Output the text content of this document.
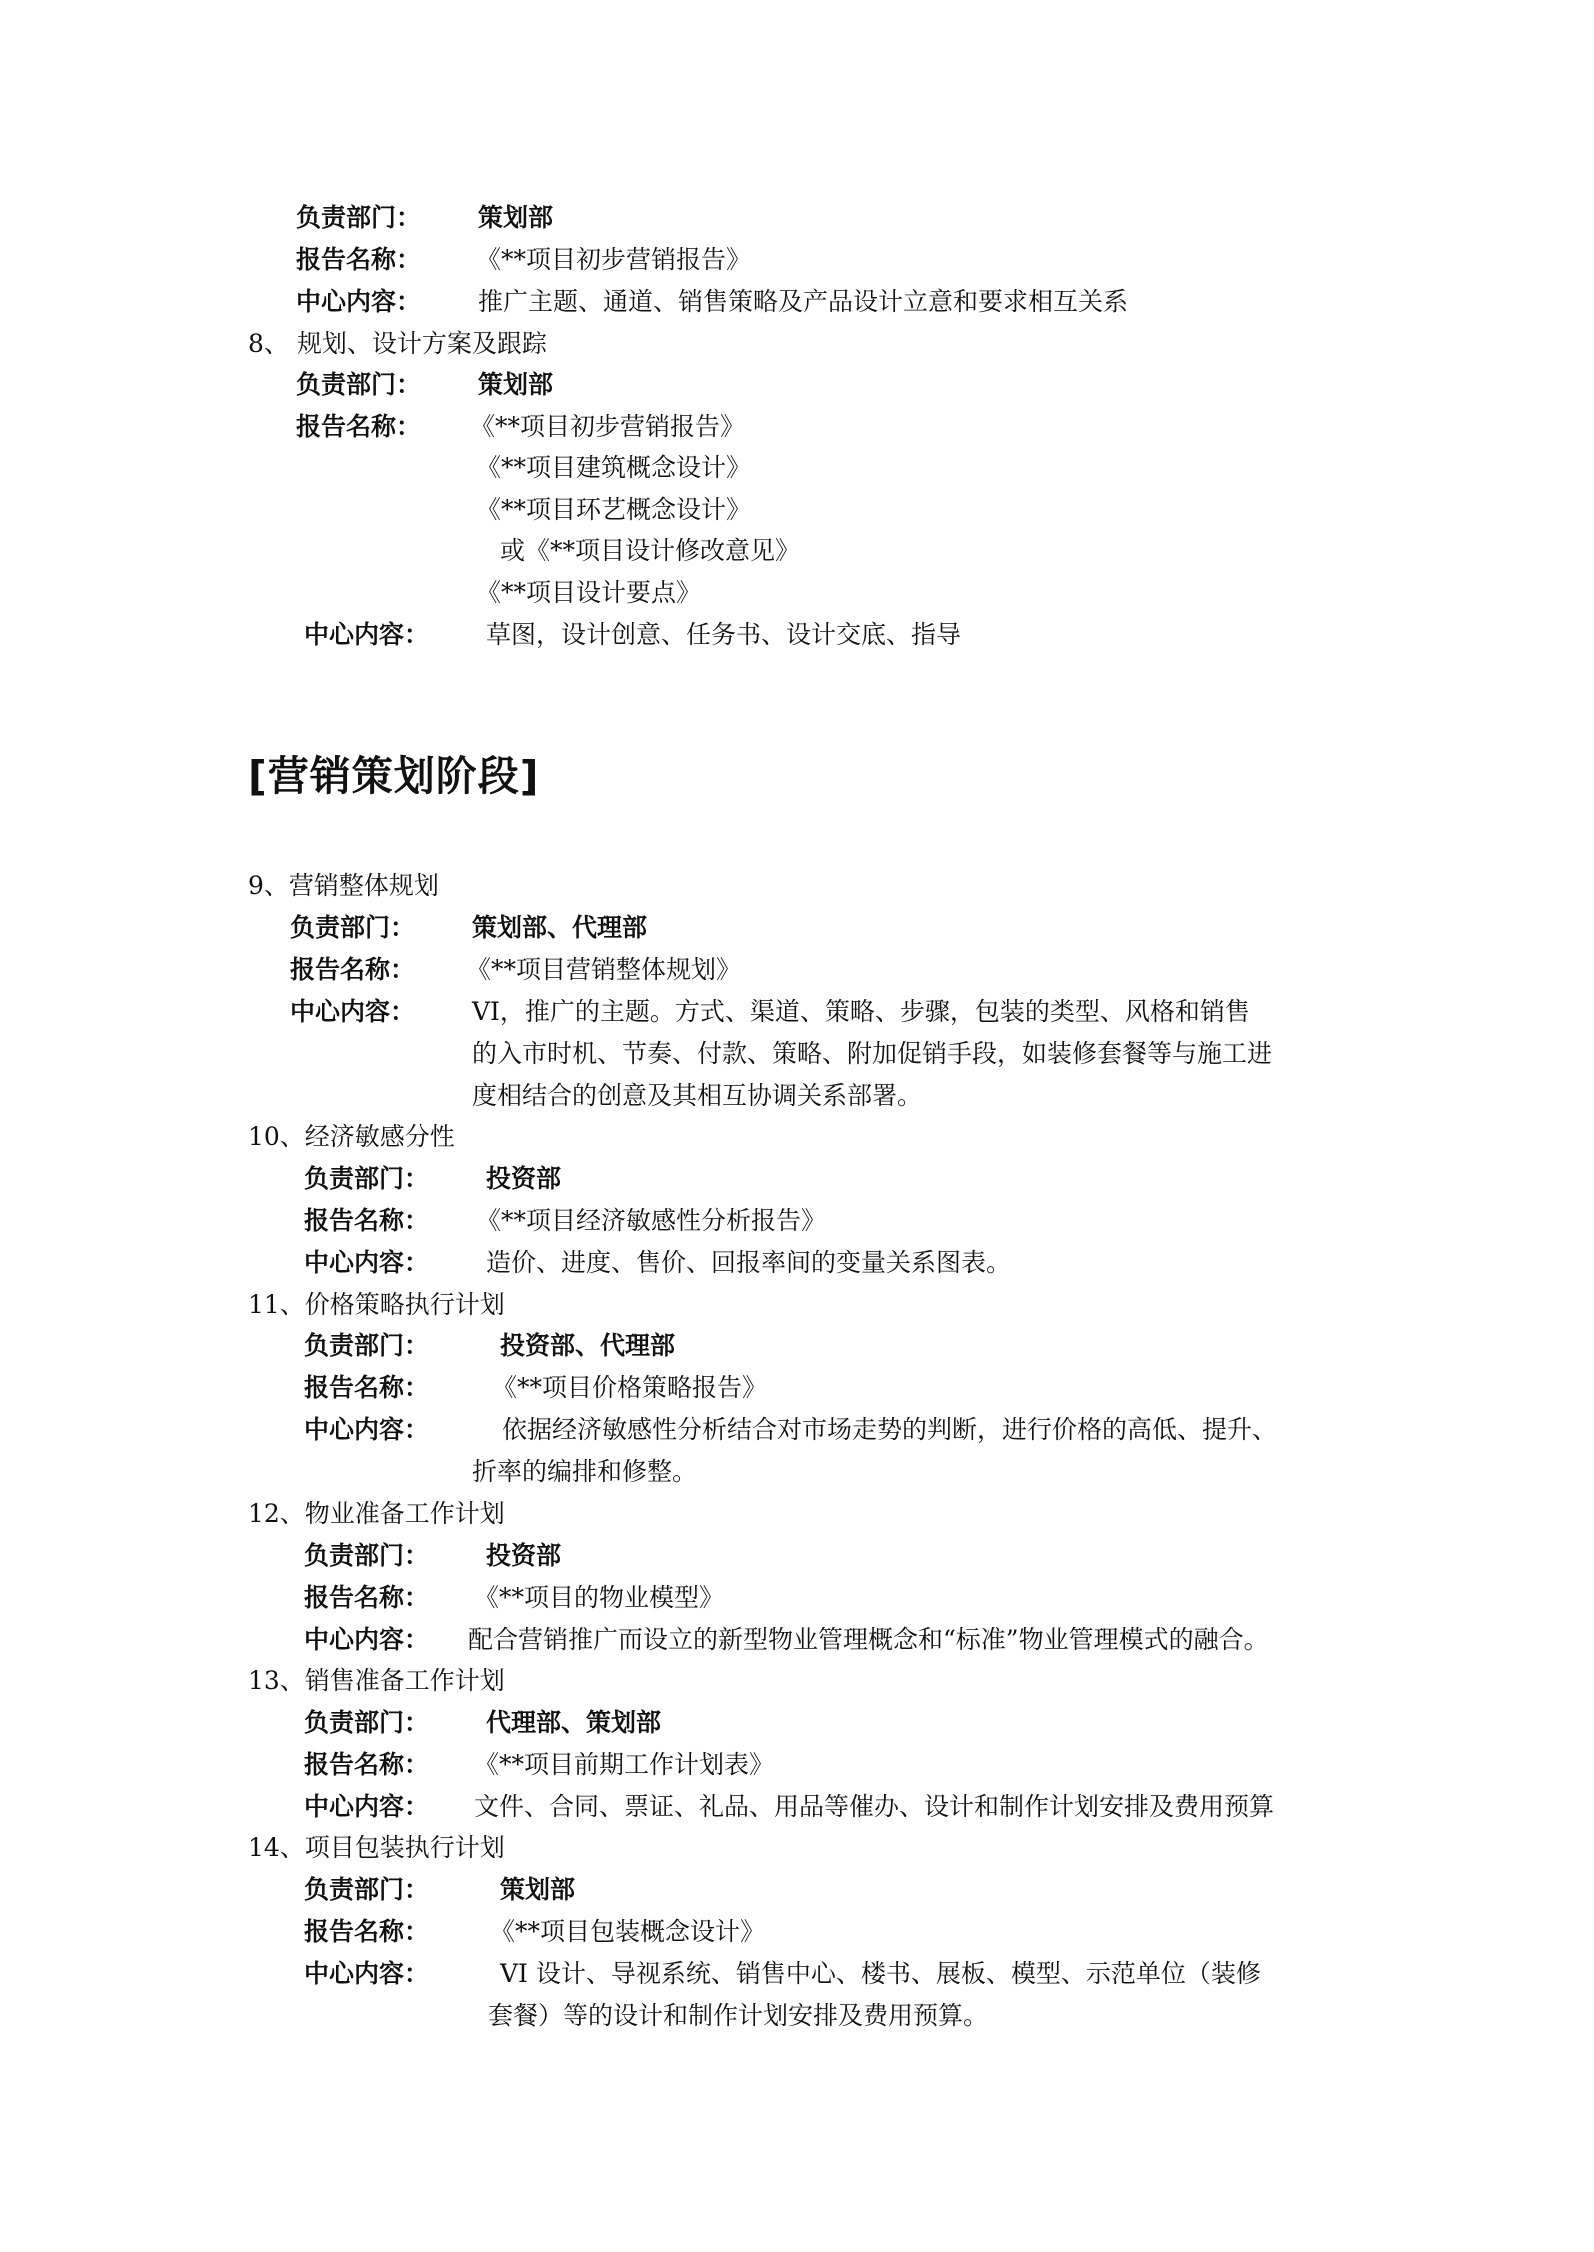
负责部门： 策划部
报告名称： 《**项目初步营销报告》
中心内容： 推广主题、通道、销售策略及产品设计立意和要求相互关系
8、 规划、设计方案及跟踪
负责部门： 策划部
报告名称： 《**项目初步营销报告》
《**项目建筑概念设计》
《**项目环艺概念设计》
或《**项目设计修改意见》
《**项目设计要点》
中心内容： 草图，设计创意、任务书、设计交底、指导
[营销策划阶段]
9、营销整体规划
负责部门： 策划部、代理部
报告名称： 《**项目营销整体规划》
中心内容： VI，推广的主题。方式、渠道、策略、步骤，包装的类型、风格和销售
的入市时机、节奏、付款、策略、附加促销手段，如装修套餐等与施工进
度相结合的创意及其相互协调关系部署。
10、经济敏感分性
负责部门： 投资部
报告名称： 《**项目经济敏感性分析报告》
中心内容： 造价、进度、售价、回报率间的变量关系图表。
11、价格策略执行计划
负责部门：	投资部、代理部
报告名称：	《**项目价格策略报告》
中心内容：	依据经济敏感性分析结合对市场走势的判断，进行价格的高低、提升、
折率的编排和修整。
12、物业准备工作计划
负责部门： 投资部
报告名称： 《**项目的物业模型》
中心内容： 配合营销推广而设立的新型物业管理概念和“标准”物业管理模式的融合。
13、销售准备工作计划
负责部门： 代理部、策划部
报告名称： 《**项目前期工作计划表》
中心内容： 文件、合同、票证、礼品、用品等催办、设计和制作计划安排及费用预算
14、项目包装执行计划
负责部门：	策划部
报告名称： 《**项目包装概念设计》
中心内容：	VI 设计、导视系统、销售中心、楼书、展板、模型、示范单位（装修
套餐）等的设计和制作计划安排及费用预算。
